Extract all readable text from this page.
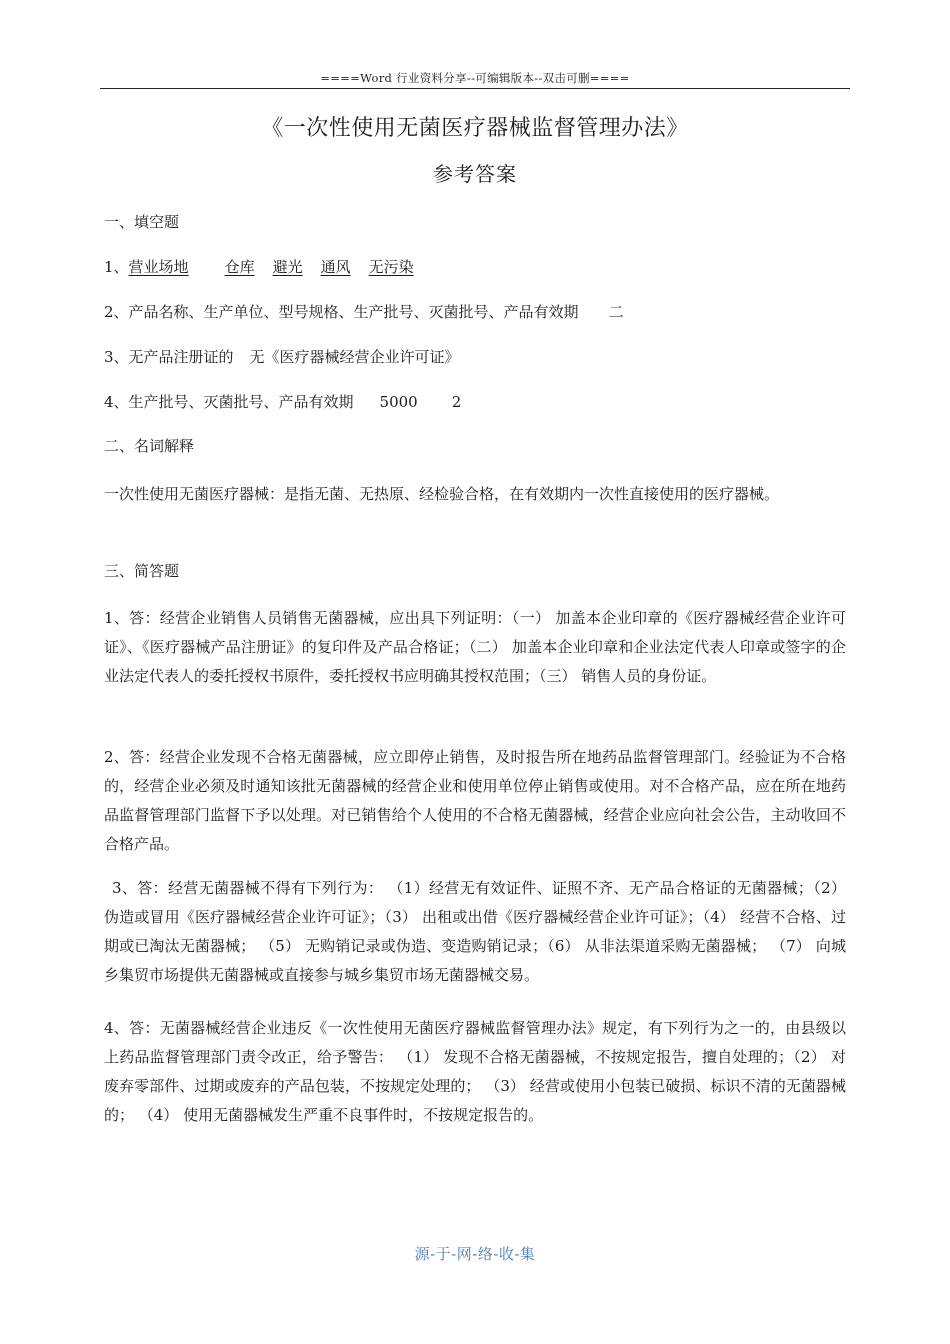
====Word 行业资料分享--可编辑版本--双击可删====
《一次性使用无菌医疗器械监督管理办法》
参考答案
一、填空题
1、营业场地 仓库 避光 通风 无污染
2、产品名称、生产单位、型号规格、生产批号、灭菌批号、产品有效期 二
3、无产品注册证的 无《医疗器械经营企业许可证》
4、生产批号、灭菌批号、产品有效期 5000 2
二、名词解释
一次性使用无菌医疗器械：是指无菌、无热原、经检验合格，在有效期内一次性直接使用的医疗器械。
三、简答题
1、答：经营企业销售人员销售无菌器械，应出具下列证明：（一） 加盖本企业印章的《医疗器械经营企业许可证》、《医疗器械产品注册证》的复印件及产品合格证；（二） 加盖本企业印章和企业法定代表人印章或签字的企业法定代表人的委托授权书原件，委托授权书应明确其授权范围；（三） 销售人员的身份证。
2、答：经营企业发现不合格无菌器械，应立即停止销售，及时报告所在地药品监督管理部门。经验证为不合格的，经营企业必须及时通知该批无菌器械的经营企业和使用单位停止销售或使用。对不合格产品，应在所在地药品监督管理部门监督下予以处理。对已销售给个人使用的不合格无菌器械，经营企业应向社会公告，主动收回不合格产品。
3、答：经营无菌器械不得有下列行为： （1）经营无有效证件、证照不齐、无产品合格证的无菌器械；（2） 伪造或冒用《医疗器械经营企业许可证》；（3） 出租或出借《医疗器械经营企业许可证》；（4） 经营不合格、过期或已淘汰无菌器械； （5） 无购销记录或伪造、变造购销记录；（6） 从非法渠道采购无菌器械； （7） 向城乡集贸市场提供无菌器械或直接参与城乡集贸市场无菌器械交易。
4、答：无菌器械经营企业违反《一次性使用无菌医疗器械监督管理办法》规定，有下列行为之一的，由县级以上药品监督管理部门责令改正，给予警告： （1） 发现不合格无菌器械，不按规定报告，擅自处理的；（2） 对废弃零部件、过期或废弃的产品包装，不按规定处理的； （3） 经营或使用小包装已破损、标识不清的无菌器械的； （4） 使用无菌器械发生严重不良事件时，不按规定报告的。
源-于-网-络-收-集
